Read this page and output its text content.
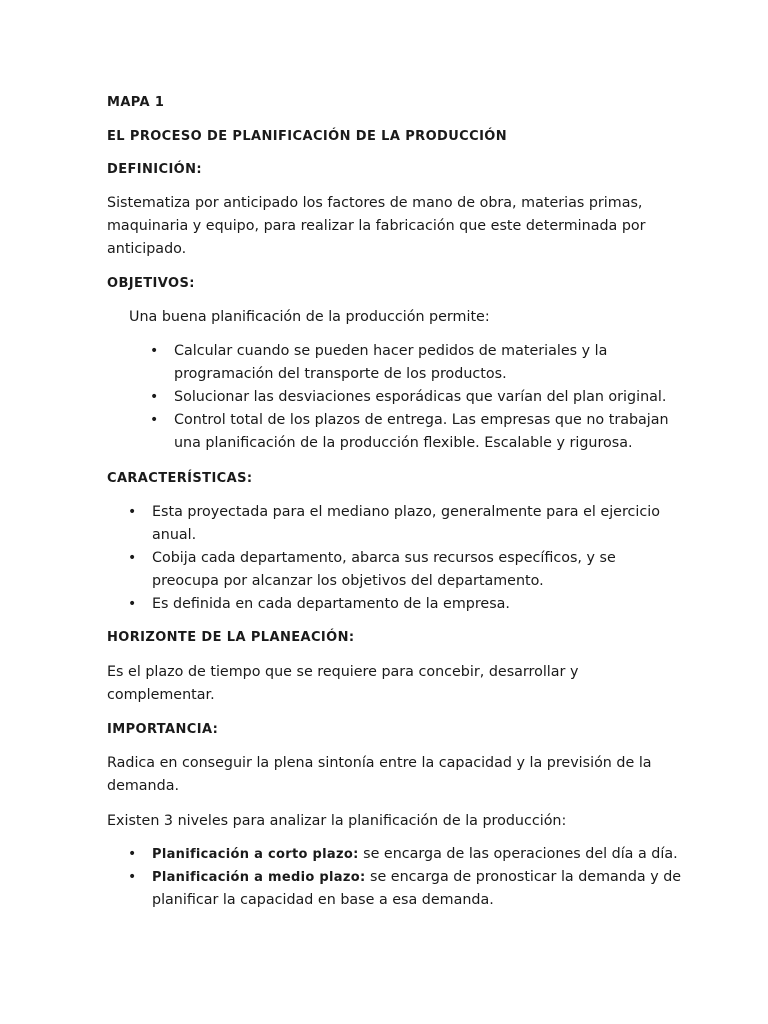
MAPA 1

EL PROCESO DE PLANIFICACIÓN DE LA PRODUCCIÓN

DEFINICIÓN:

Sistematiza por anticipado los factores de mano de obra, materias primas,
maquinaria y equipo, para realizar la fabricación que este determinada por
anticipado.

OBJETIVOS:

Una buena planificación de la producción permite:

• Calcular cuando se pueden hacer pedidos de materiales y la
programación del transporte de los productos.
• Solucionar las desviaciones esporádicas que varían del plan original.
• Control total de los plazos de entrega. Las empresas que no trabajan
una planificación de la producción flexible. Escalable y rigurosa.

CARACTERÍSTICAS:

• Esta proyectada para el mediano plazo, generalmente para el ejercicio
anual.
• Cobija cada departamento, abarca sus recursos específicos, y se
preocupa por alcanzar los objetivos del departamento.
• Es definida en cada departamento de la empresa.

HORIZONTE DE LA PLANEACIÓN:

Es el plazo de tiempo que se requiere para concebir, desarrollar y
complementar.

IMPORTANCIA:

Radica en conseguir la plena sintonía entre la capacidad y la previsión de la
demanda.

Existen 3 niveles para analizar la planificación de la producción:

• Planificación a corto plazo: se encarga de las operaciones del día a día.
• Planificación a medio plazo: se encarga de pronosticar la demanda y de
planificar la capacidad en base a esa demanda.
